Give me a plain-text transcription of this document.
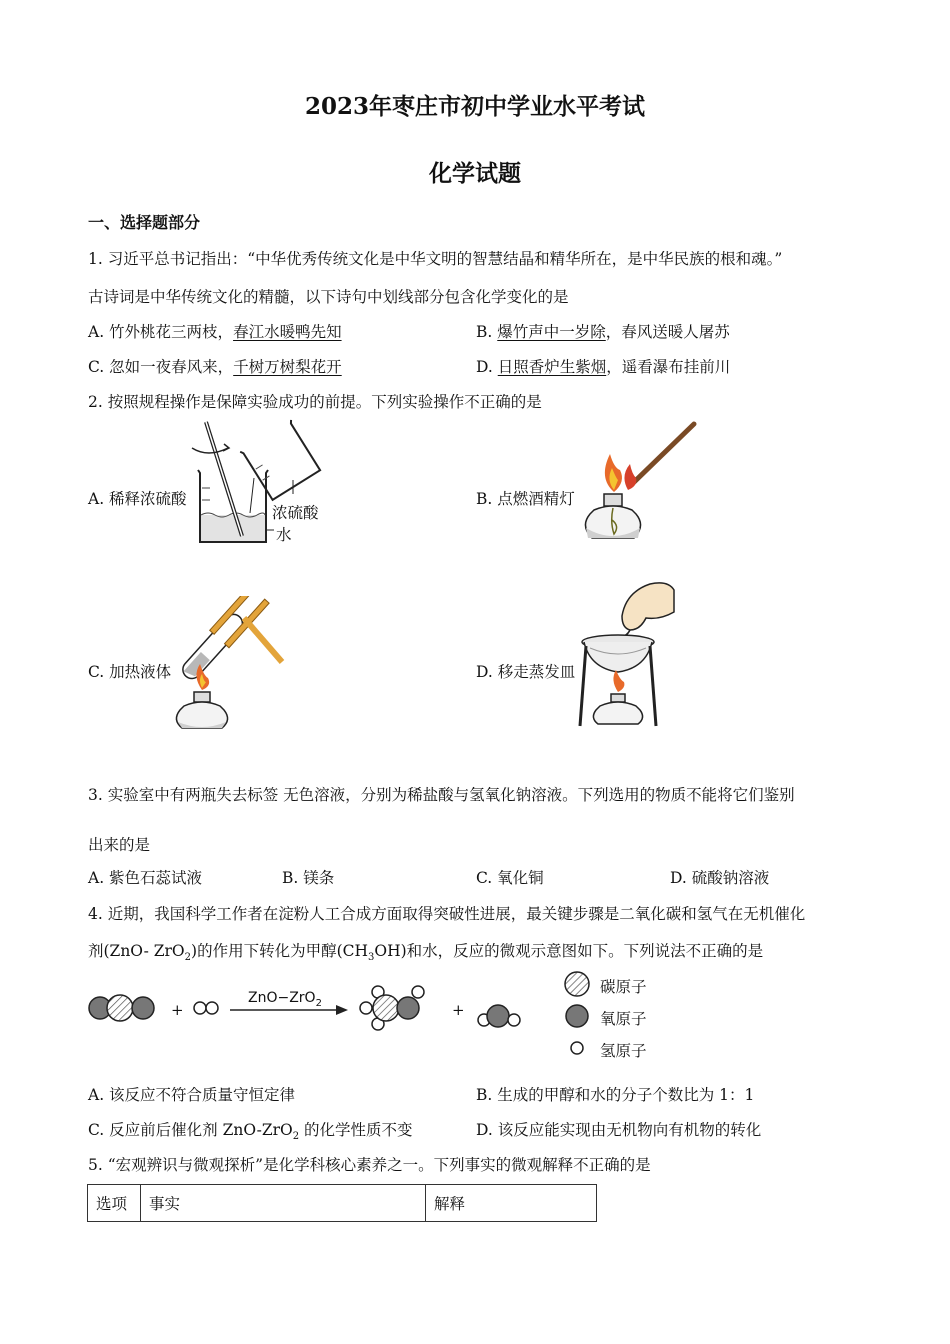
2023年枣庄市初中学业水平考试
化学试题
一、选择题部分
1. 习近平总书记指出：“中华优秀传统文化是中华文明的智慧结晶和精华所在，是中华民族的根和魂。”
古诗词是中华传统文化的精髓，以下诗句中划线部分包含化学变化的是
A. 竹外桃花三两枝，春江水暖鸭先知	B. 爆竹声中一岁除，春风送暖人屠苏
C. 忽如一夜春风来，千树万树梨花开	D. 日照香炉生紫烟，遥看瀑布挂前川
2. 按照规程操作是保障实验成功的前提。下列实验操作不正确的是
A. 稀释浓硫酸
浓硫酸
水
B. 点燃酒精灯
C. 加热液体	D. 移走蒸发皿
3. 实验室中有两瓶失去标签 无色溶液，分别为稀盐酸与氢氧化钠溶液。下列选用的物质不能将它们鉴别
出来的是
A. 紫色石蕊试液	B. 镁条	C. 氧化铜	D. 硫酸钠溶液
4. 近期，我国科学工作者在淀粉人工合成方面取得突破性进展，最关键步骤是二氧化碳和氢气在无机催化
剂(ZnO- ZrO$_2$)的作用下转化为甲醇$(CH_3OH)$和水，反应的微观示意图如下。下列说法不正确的是
+	+
ZnO−ZrO$_2$
碳原子
氧原子
氢原子
A. 该反应不符合质量守恒定律	B. 生成的甲醇和水的分子个数比为 1：1
C. 反应前后催化剂 ZnO-ZrO$_2$ 的化学性质不变	D. 该反应能实现由无机物向有机物的转化
5. “宏观辨识与微观探析”是化学科核心素养之一。下列事实的微观解释不正确的是
选项	事实	解释
